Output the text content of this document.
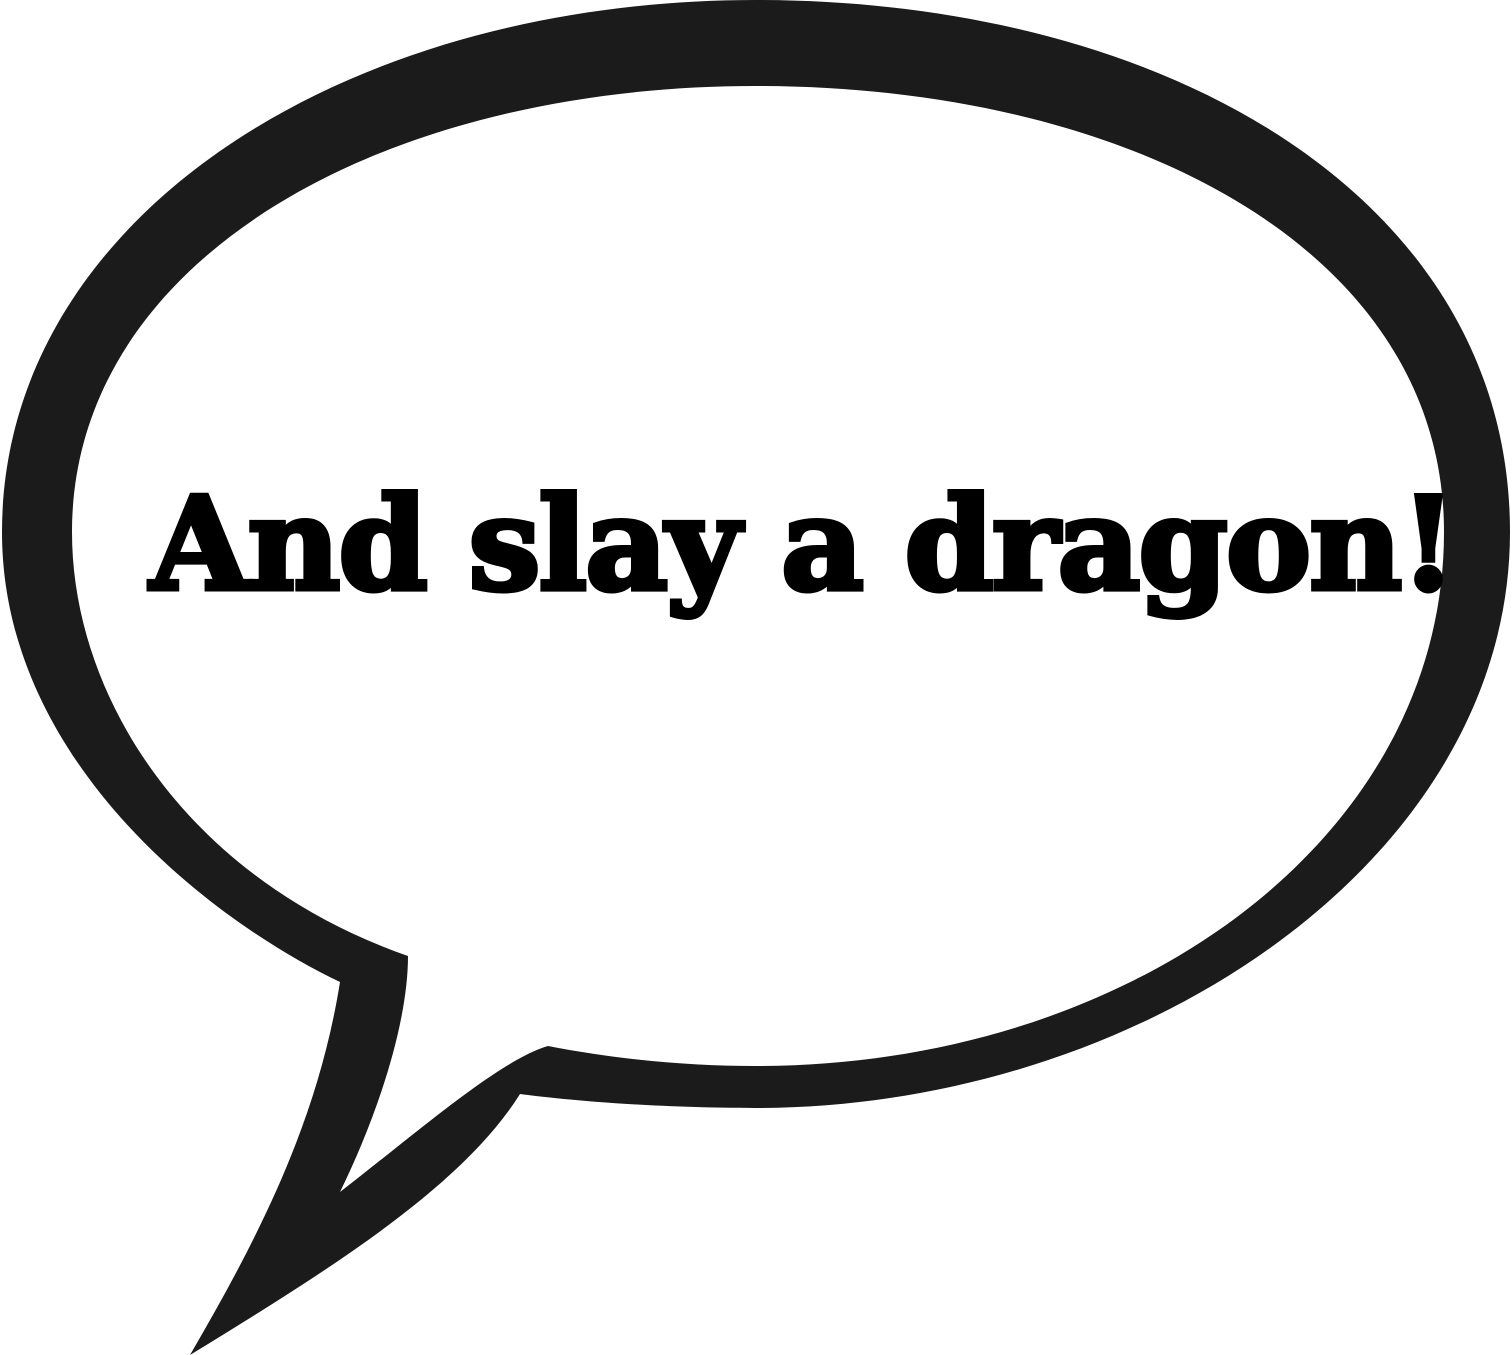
And slay a dragon!
